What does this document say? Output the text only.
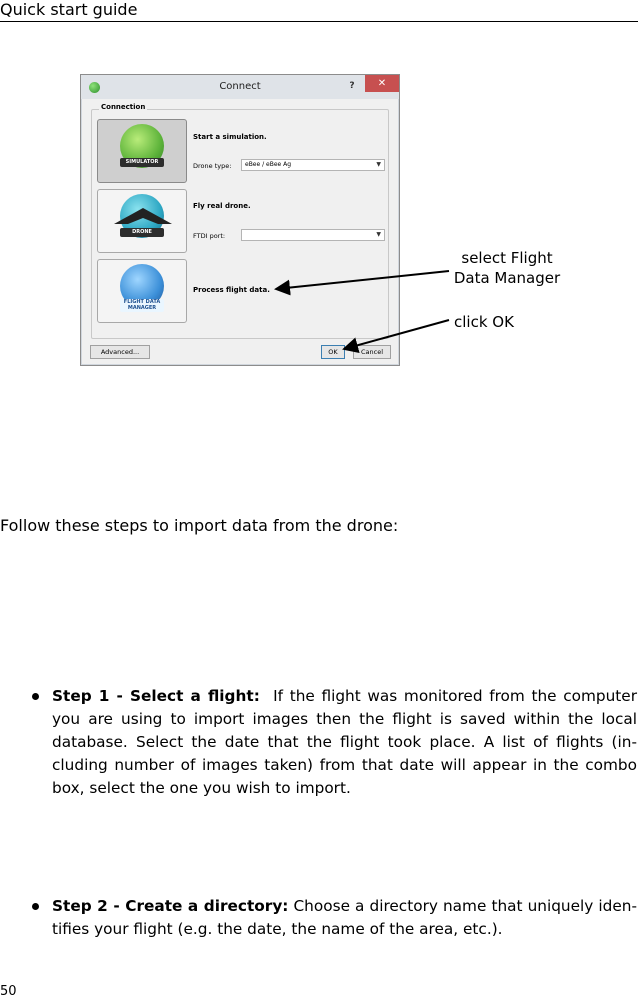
Quick start guide
Connect	?	✕
Connection
SIMULATOR
Start a simulation.
Drone type:	eBee / eBee Ag	▼
DRONE
Fly real drone.
FTDI port:	▼
FLIGHT DATA
MANAGER
Process flight data.
Advanced...	OK	Cancel
select Flight
Data Manager
click OK
Follow these steps to import data from the drone:
Step 1 - Select a flight: If the flight was monitored from the computer
you are using to import images then the flight is saved within the local
database. Select the date that the flight took place. A list of flights (in-
cluding number of images taken) from that date will appear in the combo
box, select the one you wish to import.
Step 2 - Create a directory: Choose a directory name that uniquely iden-
tifies your flight (e.g. the date, the name of the area, etc.).
50
